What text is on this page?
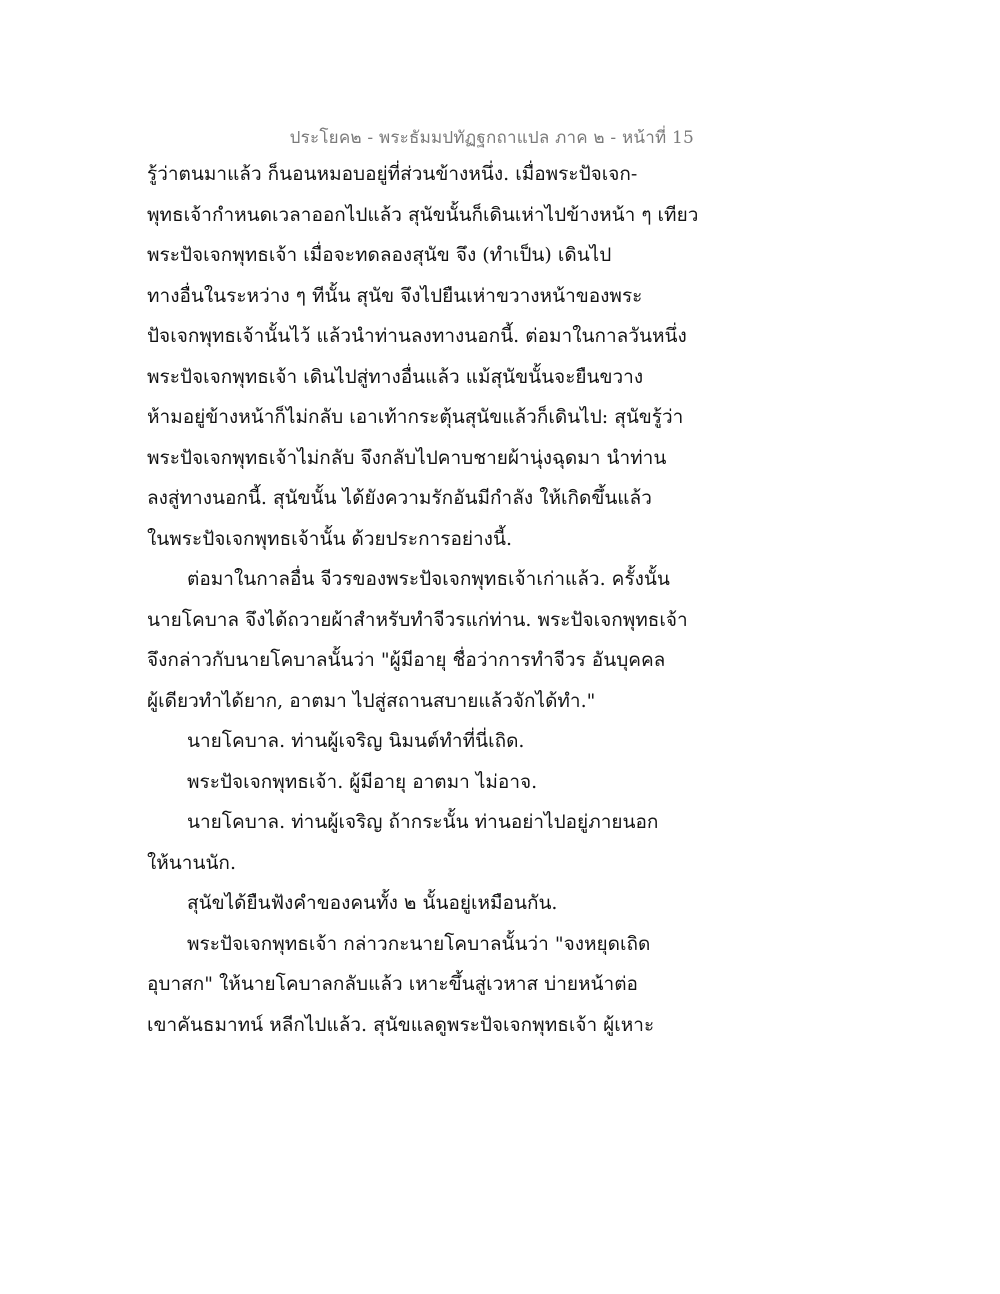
ประโยค๒ - พระธัมมปทัฏฐกถาแปล ภาค ๒ - หน้าที่ 15
รู้ว่าตนมาแล้ว ก็นอนหมอบอยู่ที่ส่วนข้างหนึ่ง. เมื่อพระปัจเจก-
พุทธเจ้ากำหนดเวลาออกไปแล้ว สุนัขนั้นก็เดินเห่าไปข้างหน้า ๆ เทียว
พระปัจเจกพุทธเจ้า เมื่อจะทดลองสุนัข จึง (ทำเป็น) เดินไป
ทางอื่นในระหว่าง ๆ ทีนั้น สุนัข จึงไปยืนเห่าขวางหน้าของพระ
ปัจเจกพุทธเจ้านั้นไว้ แล้วนำท่านลงทางนอกนี้. ต่อมาในกาลวันหนึ่ง
พระปัจเจกพุทธเจ้า เดินไปสู่ทางอื่นแล้ว แม้สุนัขนั้นจะยืนขวาง
ห้ามอยู่ข้างหน้าก็ไม่กลับ เอาเท้ากระตุ้นสุนัขแล้วก็เดินไป: สุนัขรู้ว่า
พระปัจเจกพุทธเจ้าไม่กลับ จึงกลับไปคาบชายผ้านุ่งฉุดมา นำท่าน
ลงสู่ทางนอกนี้. สุนัขนั้น ได้ยังความรักอันมีกำลัง ให้เกิดขึ้นแล้ว
ในพระปัจเจกพุทธเจ้านั้น ด้วยประการอย่างนี้.
ต่อมาในกาลอื่น จีวรของพระปัจเจกพุทธเจ้าเก่าแล้ว. ครั้งนั้น
นายโคบาล จึงได้ถวายผ้าสำหรับทำจีวรแก่ท่าน. พระปัจเจกพุทธเจ้า
จึงกล่าวกับนายโคบาลนั้นว่า "ผู้มีอายุ ชื่อว่าการทำจีวร อันบุคคล
ผู้เดียวทำได้ยาก, อาตมา ไปสู่สถานสบายแล้วจักได้ทำ."
นายโคบาล. ท่านผู้เจริญ นิมนต์ทำที่นี่เถิด.
พระปัจเจกพุทธเจ้า. ผู้มีอายุ อาตมา ไม่อาจ.
นายโคบาล. ท่านผู้เจริญ ถ้ากระนั้น ท่านอย่าไปอยู่ภายนอก
ให้นานนัก.
สุนัขได้ยืนฟังคำของคนทั้ง ๒ นั้นอยู่เหมือนกัน.
พระปัจเจกพุทธเจ้า กล่าวกะนายโคบาลนั้นว่า "จงหยุดเถิด
อุบาสก" ให้นายโคบาลกลับแล้ว เหาะขึ้นสู่เวหาส บ่ายหน้าต่อ
เขาคันธมาทน์ หลีกไปแล้ว. สุนัขแลดูพระปัจเจกพุทธเจ้า ผู้เหาะ
